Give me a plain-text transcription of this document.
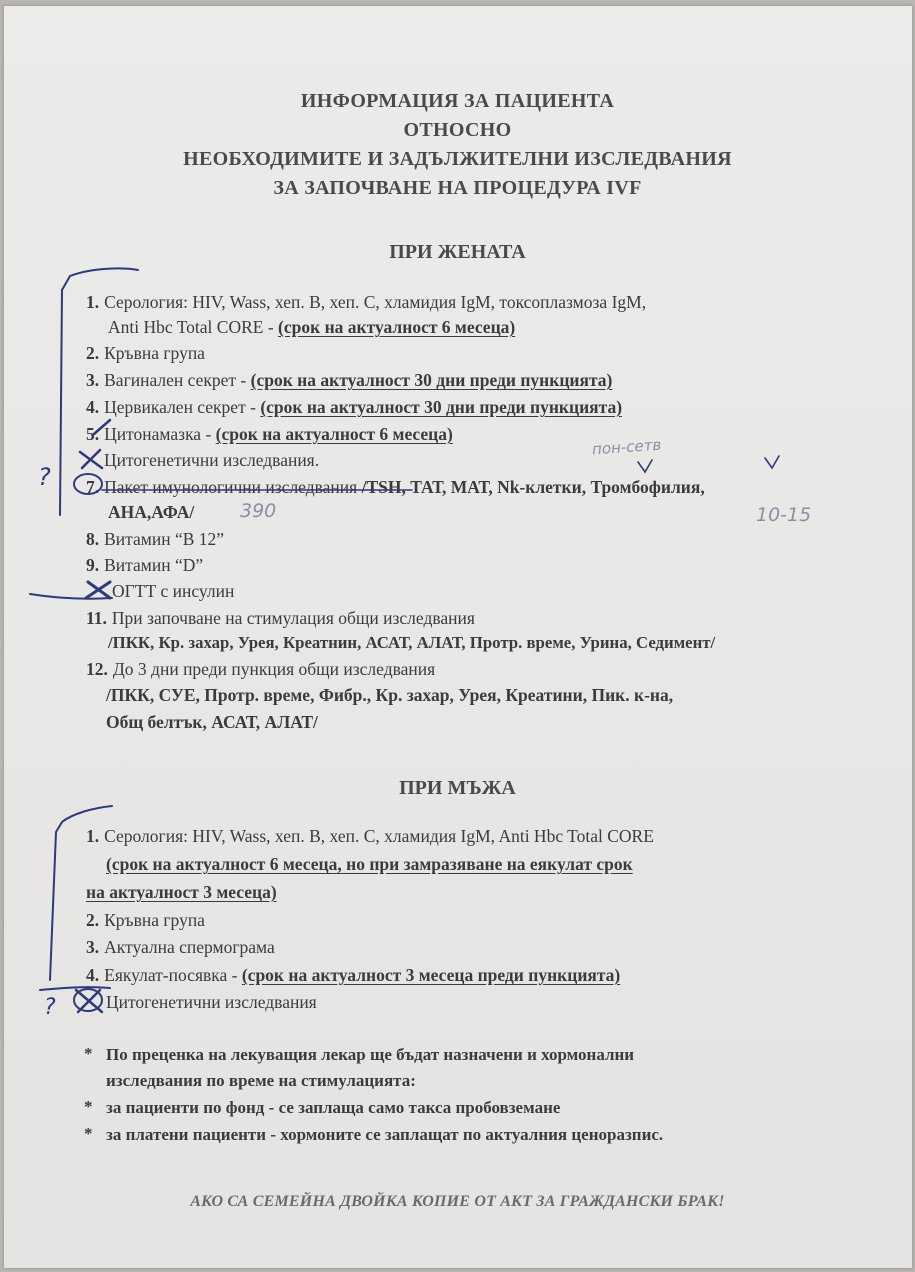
ИНФОРМАЦИЯ ЗА ПАЦИЕНТА
ОТНОСНО
НЕОБХОДИМИТЕ И ЗАДЪЛЖИТЕЛНИ ИЗСЛЕДВАНИЯ
ЗА ЗАПОЧВАНЕ НА ПРОЦЕДУРА IVF
ПРИ ЖЕНАТА
1. Серология: HIV, Wass, хеп. B, хеп. C, хламидия IgM, токсоплазмоза IgM,
Anti Hbc Total CORE - (срок на актуалност 6 месеца)
2. Кръвна група
3. Вагинален секрет - (срок на актуалност 30 дни преди пункцията)
4. Цервикален секрет - (срок на актуалност 30 дни преди пункцията)
5. Цитонамазка - (срок на актуалност 6 месеца)
Цитогенетични изследвания.
7. Пакет имунологични изследвания /TSH, ТАТ, МАТ, Nk-клетки, Тромбофилия,
АНА,АФА/
8. Витамин “В 12”
9. Витамин “D”
ОГТТ с инсулин
11. При започване на стимулация общи изследвания
/ПКК, Кр. захар, Урея, Креатнин, АСАТ, АЛАТ, Протр. време, Урина, Седимент/
12. До 3 дни преди пункция общи изследвания
/ПКК, СУЕ, Протр. време, Фибр., Кр. захар, Урея, Креатини, Пик. к-на,
Общ белтък, АСАТ, АЛАТ/
ПРИ МЪЖА
1. Серология: HIV, Wass, хеп. B, хеп. C, хламидия IgM, Anti Hbc Total CORE
(срок на актуалност 6 месеца, но при замразяване на еякулат срок
на актуалност 3 месеца)
2. Кръвна група
3. Актуална спермограма
4. Еякулат-посявка - (срок на актуалност 3 месеца преди пункцията)
Цитогенетични изследвания
* По преценка на лекуващия лекар ще бъдат назначени и хормонални
изследвания по време на стимулацията:
* за пациенти по фонд - се заплаща само такса пробовземане
* за платени пациенти - хормоните се заплащат по актуалния ценоразпис.
АКО СА СЕМЕЙНА ДВОЙКА КОПИЕ ОТ АКТ ЗА ГРАЖДАНСКИ БРАК!
пон-сетв
390	10-15
?
?
